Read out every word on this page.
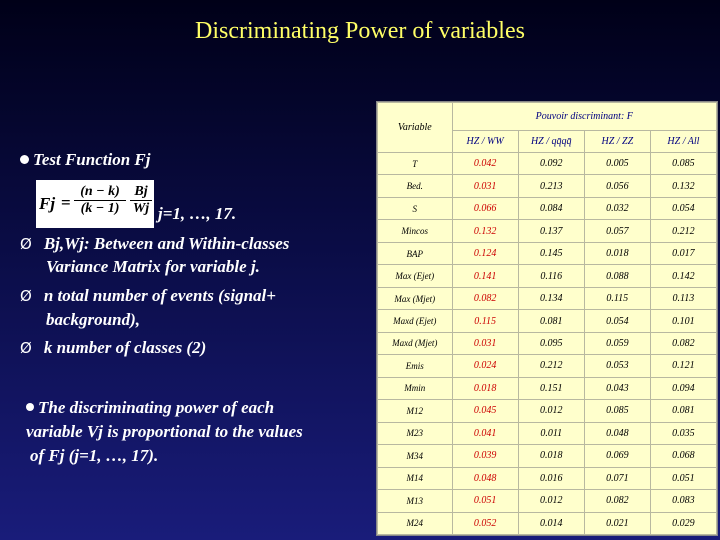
Discriminating Power of variables
Test Function Fj
$Fj = \frac{(n - k)}{(k - 1)} \frac{Bj}{Wj} j=1$, …, 17.
Ø Bj,Wj: Between and Within-classes
Variance Matrix for variable j.
Ø n total number of events (signal+
background),
Ø k number of classes (2)
The discriminating power of each
variable Vj is proportional to the values
of Fj (j=1, …, 17).
Variable	Pouvoir discriminant: F			
	HZ / WW	HZ / qq̄qq̄	HZ / ZZ	HZ / All
T	0.042	0.092	0.005	0.085
Bed.	0.031	0.213	0.056	0.132
S	0.066	0.084	0.032	0.054
Mincos	0.132	0.137	0.057	0.212
BAP	0.124	0.145	0.018	0.017
Max (Ejet)	0.141	0.116	0.088	0.142
Max (Mjet)	0.082	0.134	0.115	0.113
Maxd (Ejet)	0.115	0.081	0.054	0.101
Maxd (Mjet)	0.031	0.095	0.059	0.082
Emis	0.024	0.212	0.053	0.121
Mmin	0.018	0.151	0.043	0.094
M12	0.045	0.012	0.085	0.081
M23	0.041	0.011	0.048	0.035
M34	0.039	0.018	0.069	0.068
M14	0.048	0.016	0.071	0.051
M13	0.051	0.012	0.082	0.083
M24	0.052	0.014	0.021	0.029
